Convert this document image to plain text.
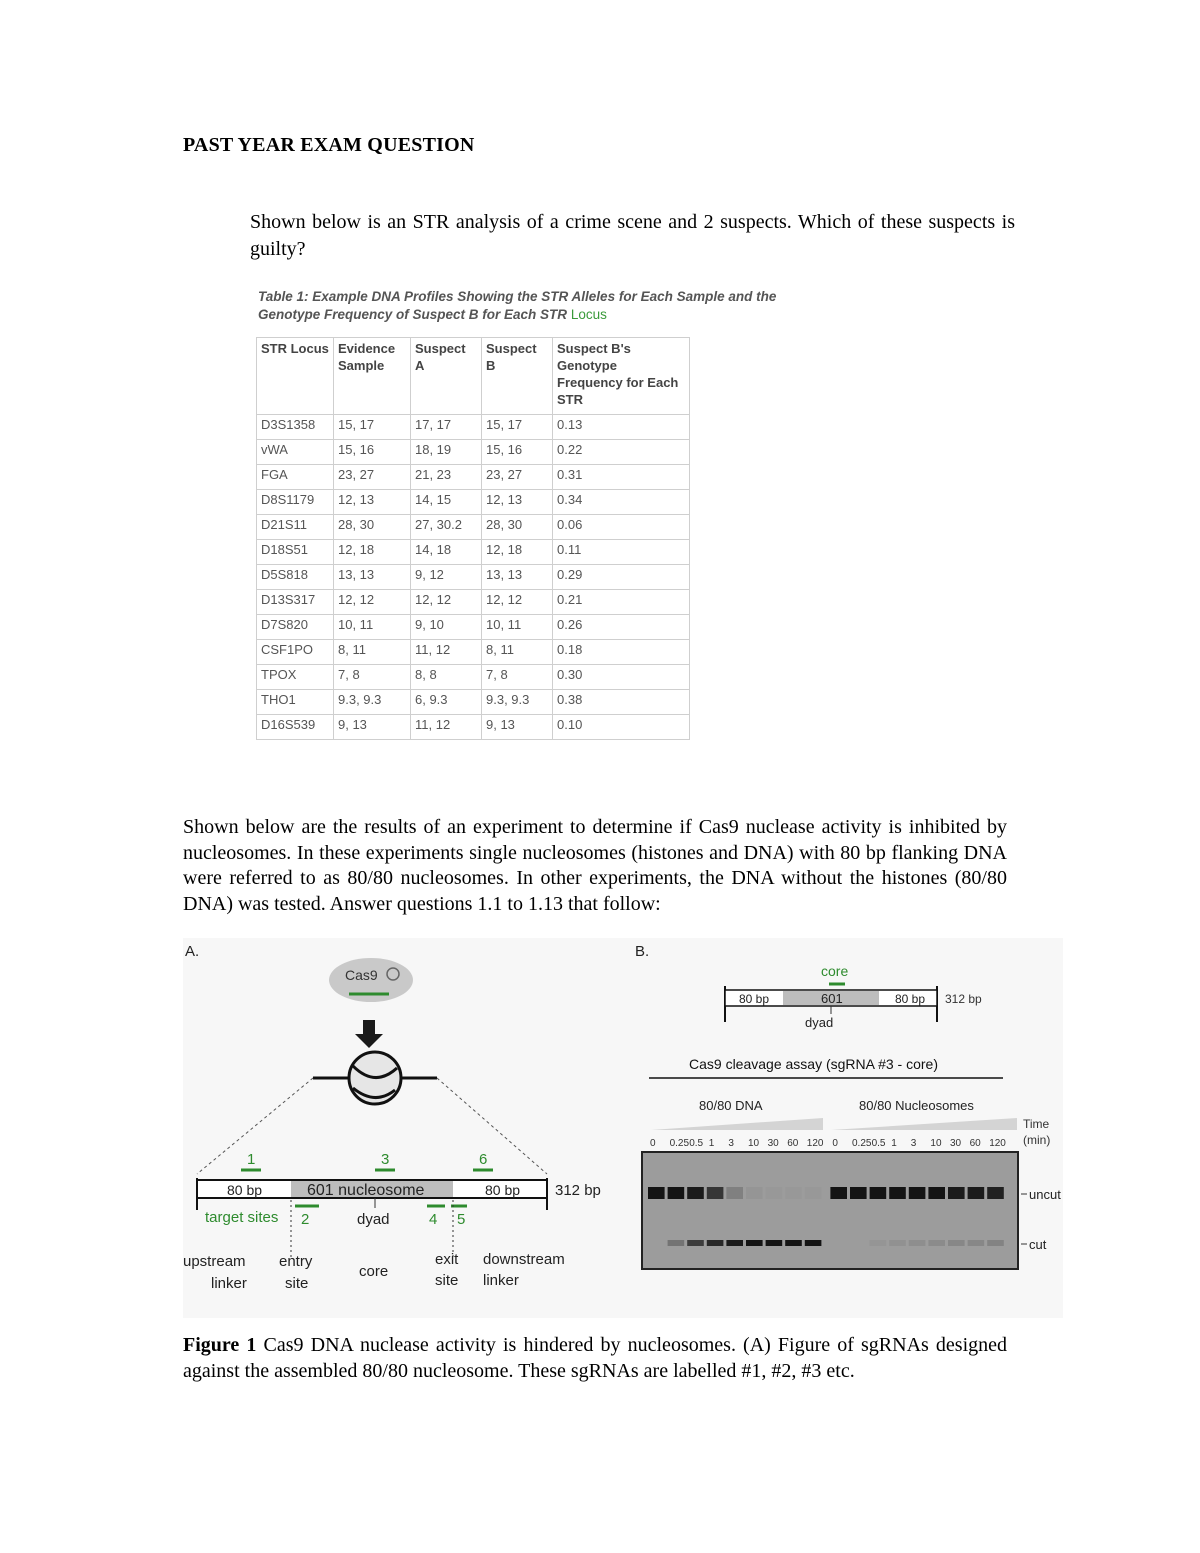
PAST YEAR EXAM QUESTION
Shown below is an STR analysis of a crime scene and 2 suspects. Which of these suspects is guilty?
Table 1: Example DNA Profiles Showing the STR Alleles for Each Sample and the Genotype Frequency of Suspect B for Each STR Locus
STR Locus	Evidence Sample	Suspect A	Suspect B	Suspect B's Genotype Frequency for Each STR
D3S1358	15, 17	17, 17	15, 17	0.13
vWA	15, 16	18, 19	15, 16	0.22
FGA	23, 27	21, 23	23, 27	0.31
D8S1179	12, 13	14, 15	12, 13	0.34
D21S11	28, 30	27, 30.2	28, 30	0.06
D18S51	12, 18	14, 18	12, 18	0.11
D5S818	13, 13	9, 12	13, 13	0.29
D13S317	12, 12	12, 12	12, 12	0.21
D7S820	10, 11	9, 10	10, 11	0.26
CSF1PO	8, 11	11, 12	8, 11	0.18
TPOX	7, 8	8, 8	7, 8	0.30
THO1	9.3, 9.3	6, 9.3	9.3, 9.3	0.38
D16S539	9, 13	11, 12	9, 13	0.10
Shown below are the results of an experiment to determine if Cas9 nuclease activity is inhibited by nucleosomes. In these experiments single nucleosomes (histones and DNA) with 80 bp flanking DNA were referred to as 80/80 nucleosomes. In other experiments, the DNA without the histones (80/80 DNA) was tested. Answer questions 1.1 to 1.13 that follow:
A.
Cas9
1	3	6
80 bp	601 nucleosome	80 bp 312 bp
2	dyad	4 5
target sites
upstream
linker
entry
site
core
exit
site
downstream
linker
B.
core
80 bp	601	80 bp 312 bp
dyad
Cas9 cleavage assay (sgRNA #3 - core)
80/80 DNA	80/80 Nucleosomes
Time
(min)
0 0.25 0.5 1 3 10 30 60 120 0 0.25 0.5 1 3 10 30 60 120
uncut
cut
Figure 1 Cas9 DNA nuclease activity is hindered by nucleosomes. (A) Figure of sgRNAs designed against the assembled 80/80 nucleosome. These sgRNAs are labelled #1, #2, #3 etc.
